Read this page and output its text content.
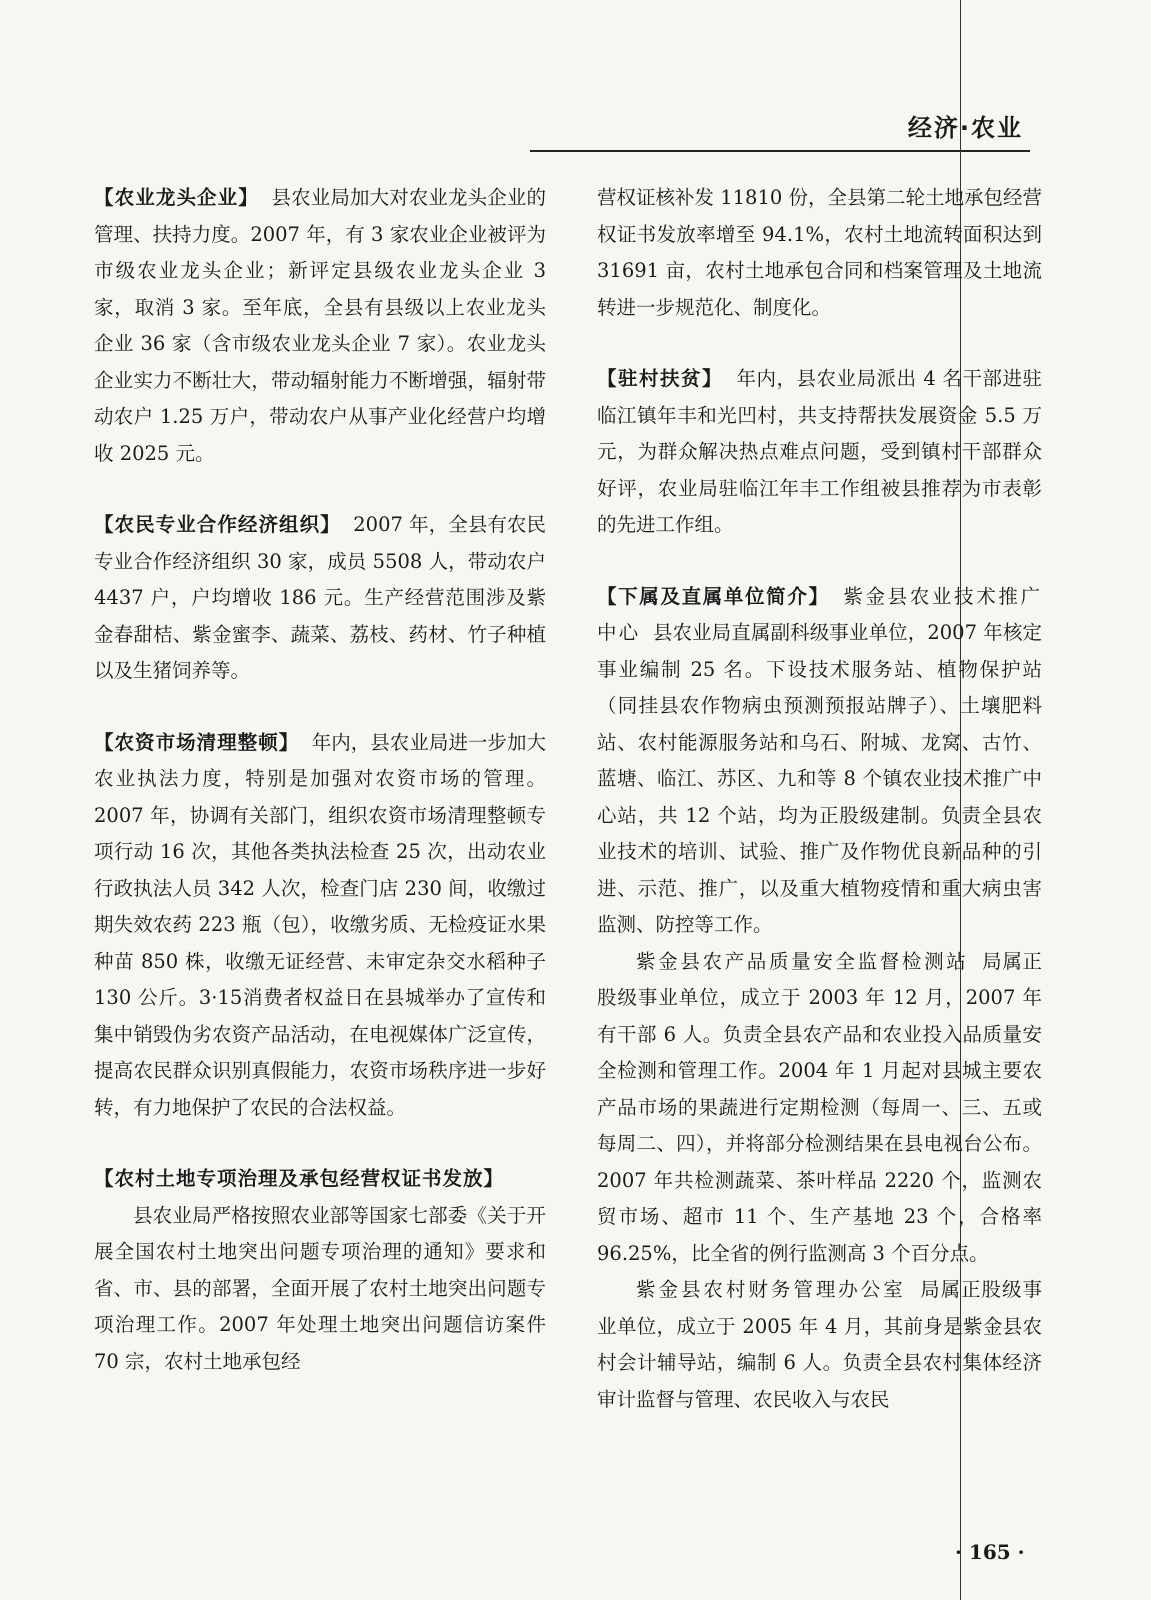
经济·农业

【农业龙头企业】 县农业局加大对农业龙头企业的管理、扶持力度。2007 年，有 3 家农业企业被评为市级农业龙头企业；新评定县级农业龙头企业 3 家，取消 3 家。至年底，全县有县级以上农业龙头企业 36 家（含市级农业龙头企业 7 家）。农业龙头企业实力不断壮大，带动辐射能力不断增强，辐射带动农户 1.25 万户，带动农户从事产业化经营户均增收 2025 元。

【农民专业合作经济组织】 2007 年，全县有农民专业合作经济组织 30 家，成员 5508 人，带动农户 4437 户，户均增收 186 元。生产经营范围涉及紫金春甜桔、紫金蜜李、蔬菜、荔枝、药材、竹子种植以及生猪饲养等。

【农资市场清理整顿】 年内，县农业局进一步加大农业执法力度，特别是加强对农资市场的管理。2007 年，协调有关部门，组织农资市场清理整顿专项行动 16 次，其他各类执法检查 25 次，出动农业行政执法人员 342 人次，检查门店 230 间，收缴过期失效农药 223 瓶（包），收缴劣质、无检疫证水果种苗 850 株，收缴无证经营、未审定杂交水稻种子 130 公斤。3·15消费者权益日在县城举办了宣传和集中销毁伪劣农资产品活动，在电视媒体广泛宣传，提高农民群众识别真假能力，农资市场秩序进一步好转，有力地保护了农民的合法权益。

【农村土地专项治理及承包经营权证书发放】

县农业局严格按照农业部等国家七部委《关于开展全国农村土地突出问题专项治理的通知》要求和省、市、县的部署，全面开展了农村土地突出问题专项治理工作。2007 年处理土地突出问题信访案件 70 宗，农村土地承包经

营权证核补发 11810 份，全县第二轮土地承包经营权证书发放率增至 94.1%，农村土地流转面积达到 31691 亩，农村土地承包合同和档案管理及土地流转进一步规范化、制度化。

【驻村扶贫】 年内，县农业局派出 4 名干部进驻临江镇年丰和光凹村，共支持帮扶发展资金 5.5 万元，为群众解决热点难点问题，受到镇村干部群众好评，农业局驻临江年丰工作组被县推荐为市表彰的先进工作组。

【下属及直属单位简介】 紫金县农业技术推广中心 县农业局直属副科级事业单位，2007 年核定事业编制 25 名。下设技术服务站、植物保护站（同挂县农作物病虫预测预报站牌子）、土壤肥料站、农村能源服务站和乌石、附城、龙窝、古竹、蓝塘、临江、苏区、九和等 8 个镇农业技术推广中心站，共 12 个站，均为正股级建制。负责全县农业技术的培训、试验、推广及作物优良新品种的引进、示范、推广，以及重大植物疫情和重大病虫害监测、防控等工作。

紫金县农产品质量安全监督检测站 局属正股级事业单位，成立于 2003 年 12 月，2007 年有干部 6 人。负责全县农产品和农业投入品质量安全检测和管理工作。2004 年 1 月起对县城主要农产品市场的果蔬进行定期检测（每周一、三、五或每周二、四），并将部分检测结果在县电视台公布。2007 年共检测蔬菜、茶叶样品 2220 个，监测农贸市场、超市 11 个、生产基地 23 个，合格率 96.25%，比全省的例行监测高 3 个百分点。

紫金县农村财务管理办公室 局属正股级事业单位，成立于 2005 年 4 月，其前身是紫金县农村会计辅导站，编制 6 人。负责全县农村集体经济审计监督与管理、农民收入与农民

· 165 ·
